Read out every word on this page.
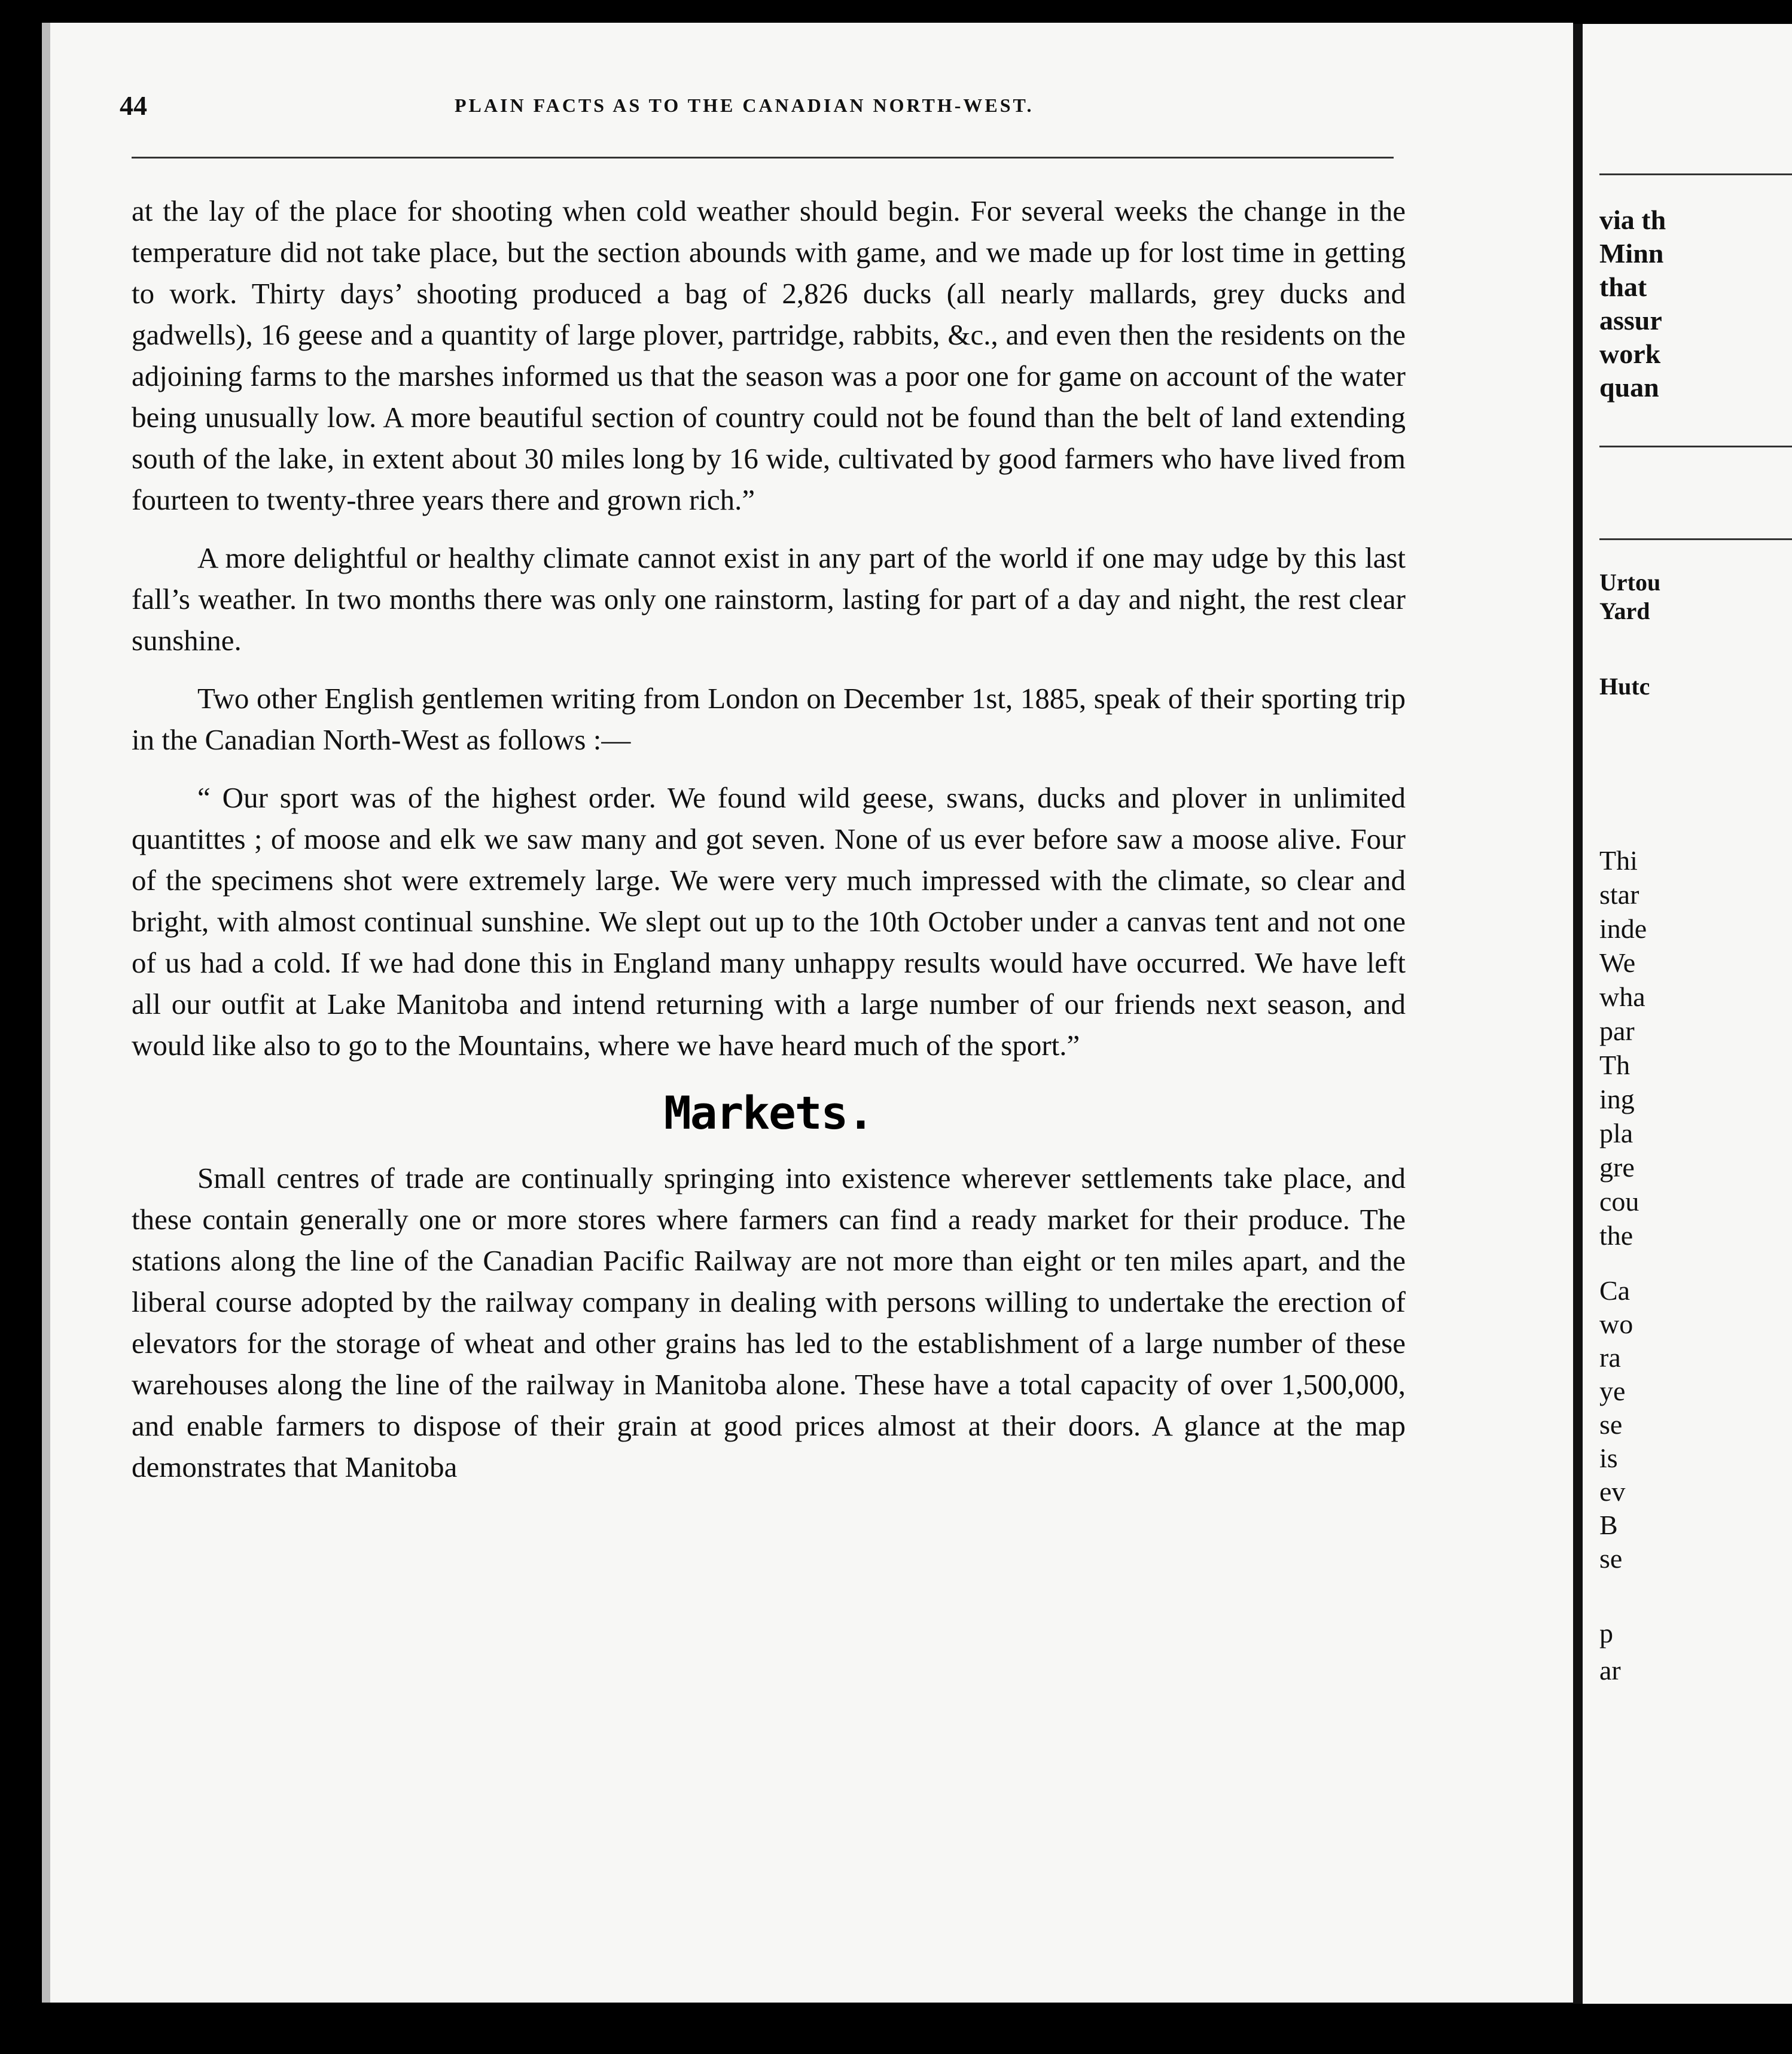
via th
Minn
that
assur
work
quan
Urtou
Yard
Hutc
Thi
star
inde
We
wha
par
Th
ing
pla
gre
cou
the
Ca
wo
ra
ye
se
is
ev
B
se
p
ar
44	PLAIN FACTS AS TO THE CANADIAN NORTH-WEST.

at the lay of the place for shooting when cold weather should begin. For several weeks the change in the temperature did not take place, but the section abounds with game, and we made up for lost time in getting to work. Thirty days’ shooting produced a bag of 2,826 ducks (all nearly mallards, grey ducks and gadwells), 16 geese and a quantity of large plover, partridge, rabbits, &c., and even then the residents on the adjoining farms to the marshes informed us that the season was a poor one for game on account of the water being unusually low. A more beautiful section of country could not be found than the belt of land extending south of the lake, in extent about 30 miles long by 16 wide, cultivated by good farmers who have lived from fourteen to twenty-three years there and grown rich.”

A more delightful or healthy climate cannot exist in any part of the world if one may udge by this last fall’s weather. In two months there was only one rainstorm, lasting for part of a day and night, the rest clear sunshine.

Two other English gentlemen writing from London on December 1st, 1885, speak of their sporting trip in the Canadian North-West as follows :—

“ Our sport was of the highest order. We found wild geese, swans, ducks and plover in unlimited quantittes ; of moose and elk we saw many and got seven. None of us ever before saw a moose alive. Four of the specimens shot were extremely large. We were very much impressed with the climate, so clear and bright, with almost continual sunshine. We slept out up to the 10th October under a canvas tent and not one of us had a cold. If we had done this in England many unhappy results would have occurred. We have left all our outfit at Lake Manitoba and intend returning with a large number of our friends next season, and would like also to go to the Mountains, where we have heard much of the sport.”

Markets.

Small centres of trade are continually springing into existence wherever settlements take place, and these contain generally one or more stores where farmers can find a ready market for their produce. The stations along the line of the Canadian Pacific Railway are not more than eight or ten miles apart, and the liberal course adopted by the railway company in dealing with persons willing to undertake the erection of elevators for the storage of wheat and other grains has led to the establishment of a large number of these warehouses along the line of the railway in Manitoba alone. These have a total capacity of over 1,500,000, and enable farmers to dispose of their grain at good prices almost at their doors. A glance at the map demonstrates that Manitoba
